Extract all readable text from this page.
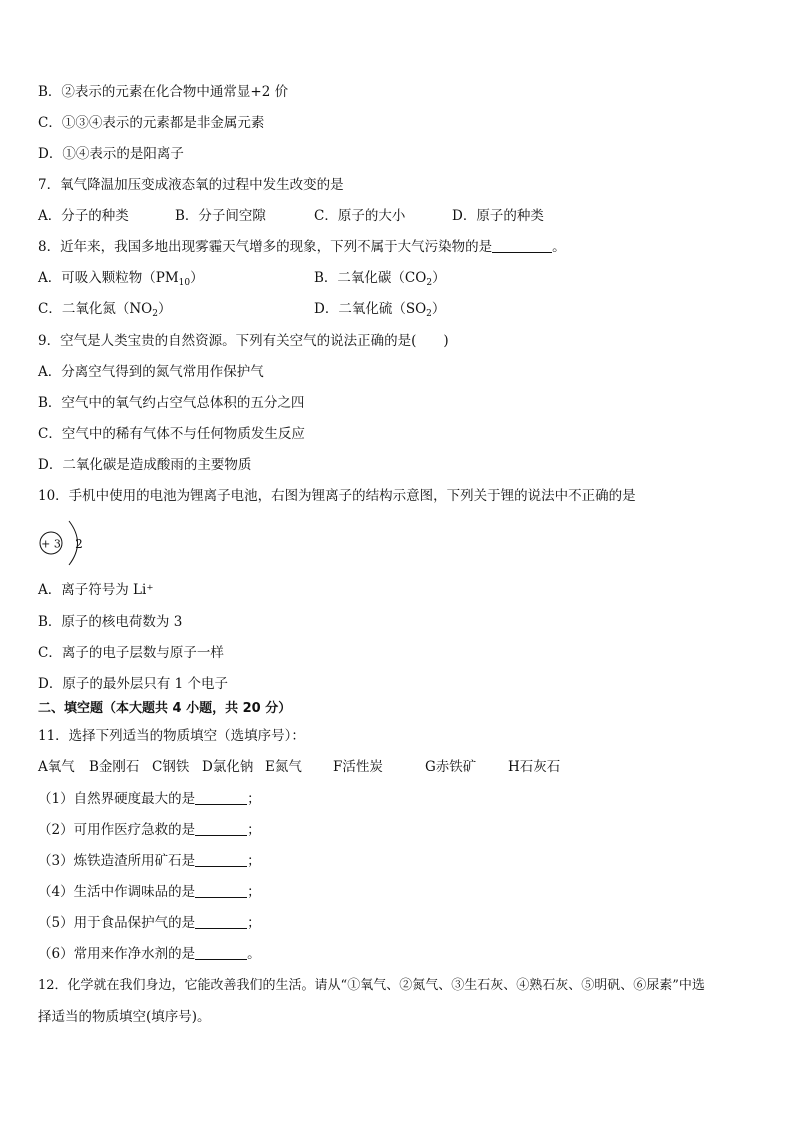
B．②表示的元素在化合物中通常显+2 价
C．①③④表示的元素都是非金属元素
D．①④表示的是阳离子
7．氧气降温加压变成液态氧的过程中发生改变的是
A．分子的种类	B．分子间空隙	C．原子的大小	D．原子的种类
8．近年来，我国多地出现雾霾天气增多的现象，下列不属于大气污染物的是	。
A．可吸入颗粒物$(PM_{10})$	B．二氧化碳$(CO_2)$
C．二氧化氮$(NO_2)$	D．二氧化硫$(SO_2)$
9．空气是人类宝贵的自然资源。下列有关空气的说法正确的是(　　)
A．分离空气得到的氮气常用作保护气
B．空气中的氧气约占空气总体积的五分之四
C．空气中的稀有气体不与任何物质发生反应
D．二氧化碳是造成酸雨的主要物质
10．手机中使用的电池为锂离子电池，右图为锂离子的结构示意图，下列关于锂的说法中不正确的是
+ 3 2
A．离子符号为 Li⁺
B．原子的核电荷数为 3
C．离子的电子层数与原子一样
D．原子的最外层只有 1 个电子
二、填空题（本大题共 4 小题，共 20 分）
11．选择下列适当的物质填空（选填序号）：
A氧气 B金刚石 C钢铁 D氯化钠 E氮气 F活性炭	G赤铁矿 H石灰石
（1）自然界硬度最大的是	；
（2）可用作医疗急救的是	；
（3）炼铁造渣所用矿石是	；
（4）生活中作调味品的是	；
（5）用于食品保护气的是	；
（6）常用来作净水剂的是	。
12．化学就在我们身边，它能改善我们的生活。请从“①氧气、②氮气、③生石灰、④熟石灰、⑤明矾、⑥尿素”中选
择适当的物质填空(填序号)。
